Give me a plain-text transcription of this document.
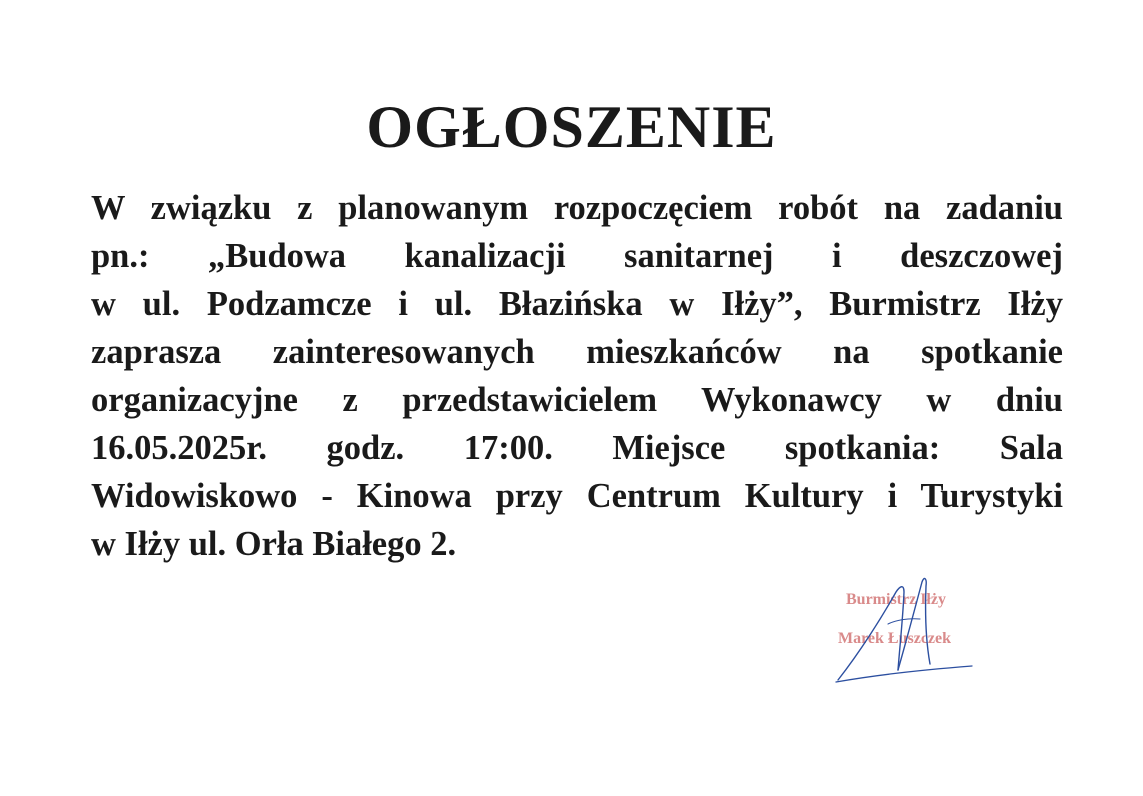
OGŁOSZENIE
W związku z planowanym rozpoczęciem robót na zadaniu
pn.: „Budowa kanalizacji sanitarnej i deszczowej
w ul. Podzamcze i ul. Błazińska w Iłży”, Burmistrz Iłży
zaprasza zainteresowanych mieszkańców na spotkanie
organizacyjne z przedstawicielem Wykonawcy w dniu
16.05.2025r. godz. 17:00. Miejsce spotkania: Sala
Widowiskowo - Kinowa przy Centrum Kultury i Turystyki
w Iłży ul. Orła Białego 2.
Burmistrz Iłży
Marek Łuszczek
